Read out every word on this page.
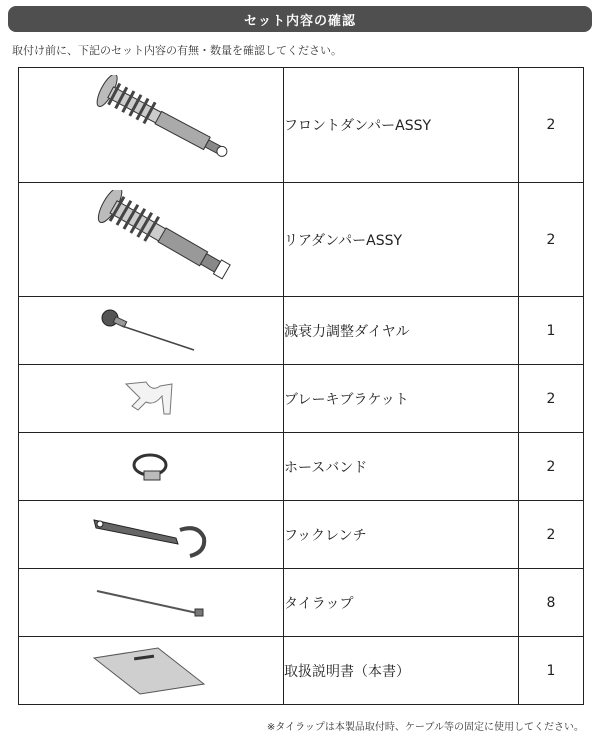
セット内容の確認
取付け前に、下記のセット内容の有無・数量を確認してください。
	フロントダンパーASSY	2

	リアダンパーASSY	2

	減衰力調整ダイヤル	1

	ブレーキブラケット	2

	ホースバンド	2

	フックレンチ	2

	タイラップ	8

	取扱説明書（本書）	1
※タイラップは本製品取付時、ケーブル等の固定に使用してください。
